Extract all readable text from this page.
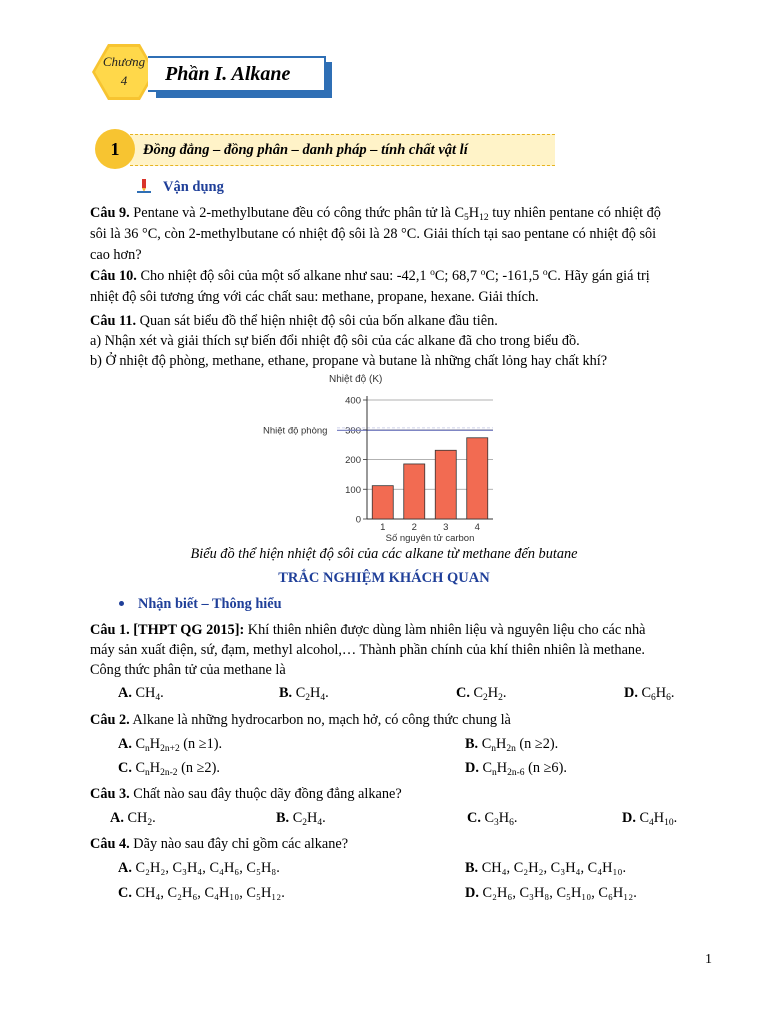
Chương
4	Phần I. Alkane
1	Đồng đẳng – đồng phân – danh pháp – tính chất vật lí
Vận dụng
Câu 9. Pentane và 2-methylbutane đều có công thức phân tử là $C_5H_{12}$ tuy nhiên pentane có nhiệt độ
sôi là 36 °C, còn 2-methylbutane có nhiệt độ sôi là 28 °C. Giải thích tại sao pentane có nhiệt độ sôi
cao hơn?
Câu 10. Cho nhiệt độ sôi của một số alkane như sau: -42,1 $^o$C; 68,7 $^o$C; -161,5 $^o$C. Hãy gán giá trị
nhiệt độ sôi tương ứng với các chất sau: methane, propane, hexane. Giải thích.
Câu 11. Quan sát biểu đồ thể hiện nhiệt độ sôi của bốn alkane đầu tiên.
a) Nhận xét và giải thích sự biến đổi nhiệt độ sôi của các alkane đã cho trong biểu đồ.
b) Ở nhiệt độ phòng, methane, ethane, propane và butane là những chất lỏng hay chất khí?
Nhiệt độ (K)
0
100
200
300
400
Nhiệt độ phòng
1	2	3	4
Số nguyên tử carbon
Biểu đồ thể hiện nhiệt độ sôi của các alkane từ methane đến butane
TRẮC NGHIỆM KHÁCH QUAN
Nhận biết – Thông hiểu
Câu 1. [THPT QG 2015]: Khí thiên nhiên được dùng làm nhiên liệu và nguyên liệu cho các nhà
máy sản xuất điện, sứ, đạm, methyl alcohol,… Thành phần chính của khí thiên nhiên là methane.
Công thức phân tử của methane là
A. $CH_4$.	B. $C_2H_4$.	C. $C_2H_2$.	D. $C_6H_6$.
Câu 2. Alkane là những hydrocarbon no, mạch hở, có công thức chung là
A. $C_nH_{2n+2}$ (n ≥1).	B. $C_nH_{2n}$ (n ≥2).
C. $C_nH_{2n-2}$ (n ≥2).	D. $C_nH_{2n-6}$ (n ≥6).
Câu 3. Chất nào sau đây thuộc dãy đồng đẳng alkane?
A. $CH_2$.	B. $C_2H_4$.	C. $C_3H_6$.	D. $C_4H_{10}$.
Câu 4. Dãy nào sau đây chỉ gồm các alkane?
A. C₂H₂, C₃H₄, C₄H₆, C₅H₈.	B. CH₄, C₂H₂, C₃H₄, C₄H₁₀.
C. CH₄, C₂H₆, C₄H₁₀, C₅H₁₂.	D. C₂H₆, C₃H₈, C₅H₁₀, C₆H₁₂.
1
